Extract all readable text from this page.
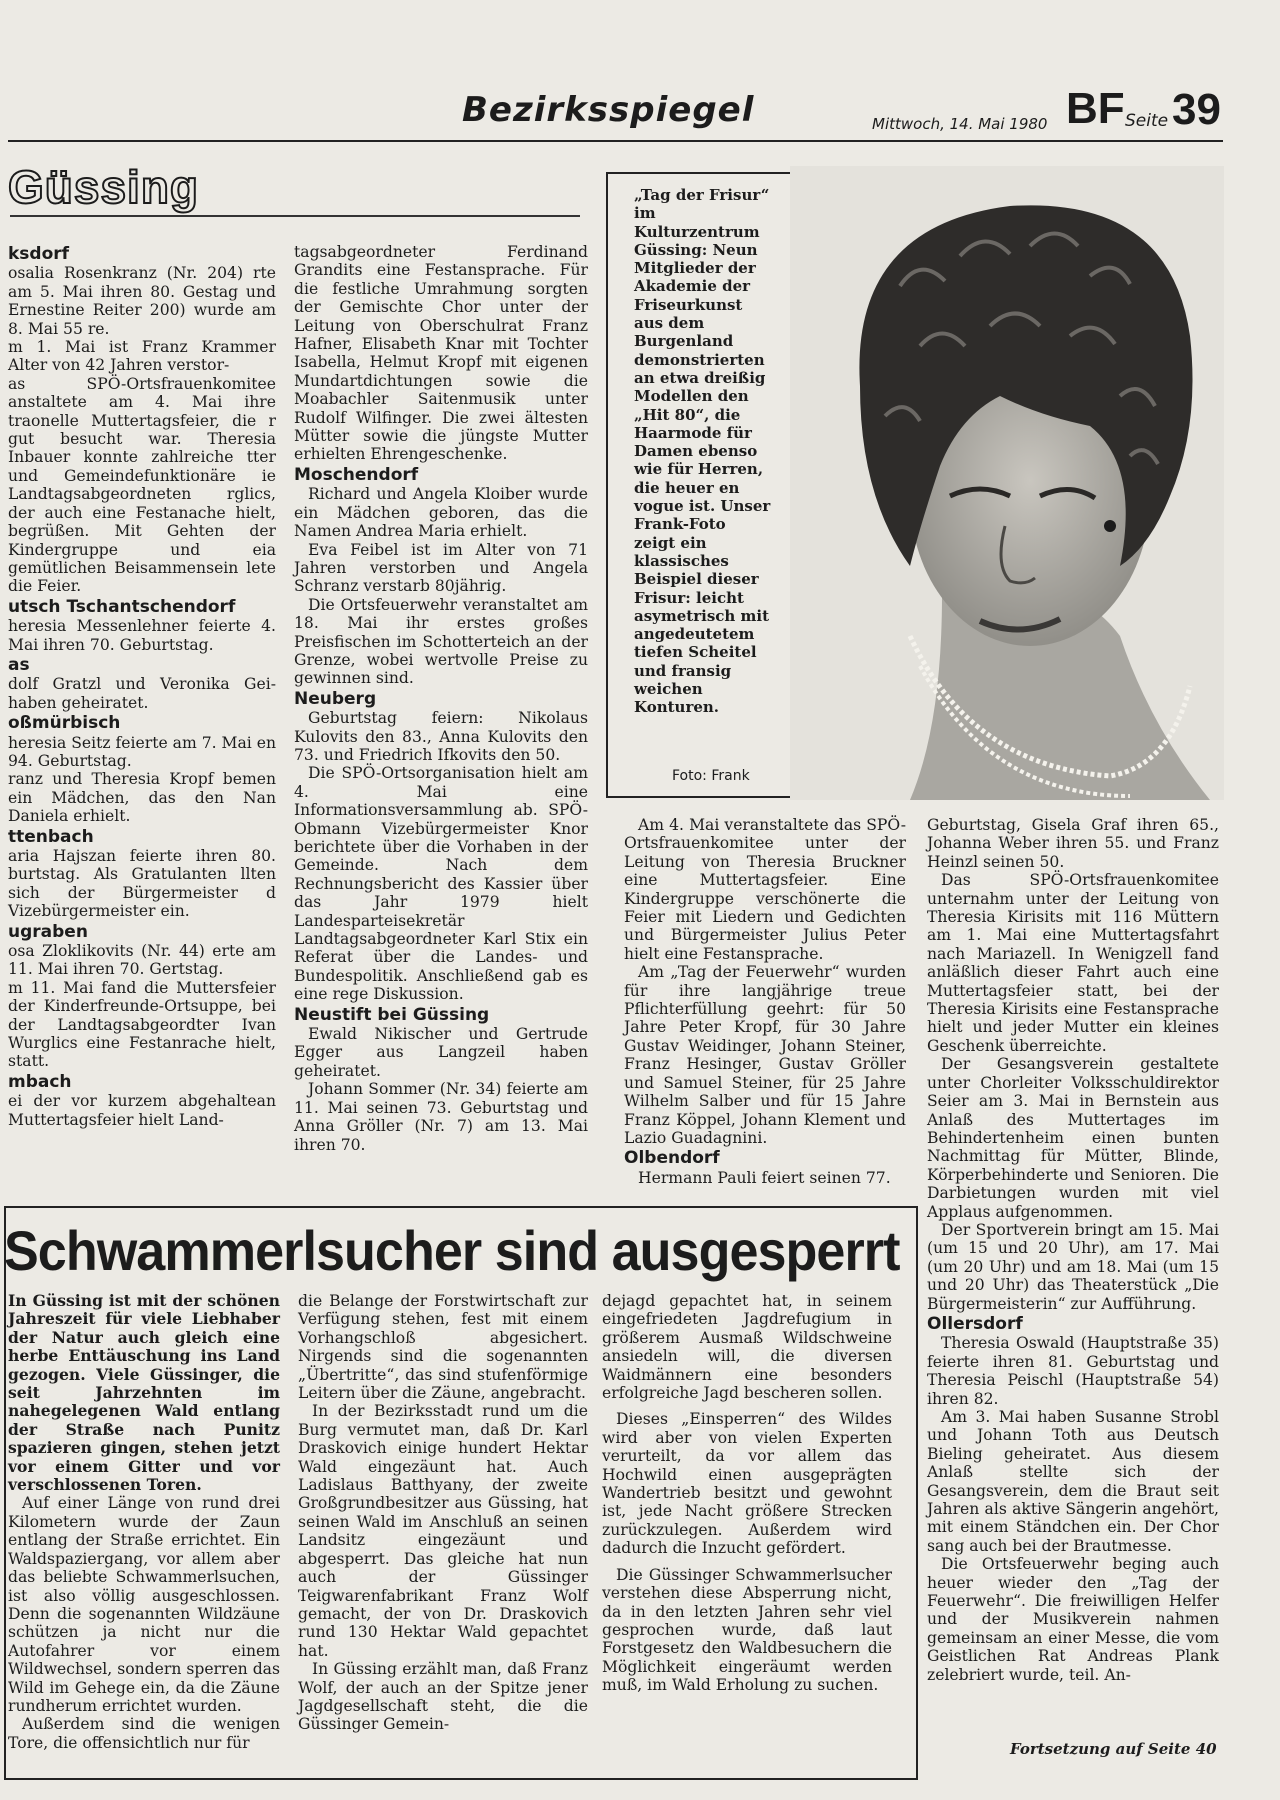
Bezirksspiegel	Mittwoch, 14. Mai 1980 BF Seite 39
Güssing
ksdorf

osalia Rosenkranz (Nr. 204) rte am 5. Mai ihren 80. Gestag und Ernestine Reiter 200) wurde am 8. Mai 55 re.

m 1. Mai ist Franz Krammer Alter von 42 Jahren verstor-

as SPÖ-Ortsfrauenkomitee anstaltete am 4. Mai ihre traonelle Muttertagsfeier, die r gut besucht war. Theresia Inbauer konnte zahlreiche tter und Gemeindefunktionäre ie Landtagsabgeordneten rglics, der auch eine Festanache hielt, begrüßen. Mit Gehten der Kindergruppe und eia gemütlichen Beisammensein lete die Feier.

utsch Tschantschendorf

heresia Messenlehner feierte 4. Mai ihren 70. Geburtstag.

as

dolf Gratzl und Veronika Gei- haben geheiratet.

oßmürbisch

heresia Seitz feierte am 7. Mai en 94. Geburtstag.

ranz und Theresia Kropf bemen ein Mädchen, das den Nan Daniela erhielt.

ttenbach

aria Hajszan feierte ihren 80. burtstag. Als Gratulanten llten sich der Bürgermeister d Vizebürgermeister ein.

ugraben

osa Zloklikovits (Nr. 44) erte am 11. Mai ihren 70. Gertstag.

m 11. Mai fand die Muttersfeier der Kinderfreunde-Ortsuppe, bei der Landtagsabgeordter Ivan Wurglics eine Festanrache hielt, statt.

mbach

ei der vor kurzem abgehaltean Muttertagsfeier hielt Land-

tagsabgeordneter Ferdinand Grandits eine Festansprache. Für die festliche Umrahmung sorgten der Gemischte Chor unter der Leitung von Oberschulrat Franz Hafner, Elisabeth Knar mit Tochter Isabella, Helmut Kropf mit eigenen Mundartdichtungen sowie die Moabachler Saitenmusik unter Rudolf Wilfinger. Die zwei ältesten Mütter sowie die jüngste Mutter erhielten Ehrengeschenke.

Moschendorf

Richard und Angela Kloiber wurde ein Mädchen geboren, das die Namen Andrea Maria erhielt.

Eva Feibel ist im Alter von 71 Jahren verstorben und Angela Schranz verstarb 80jährig.

Die Ortsfeuerwehr veranstaltet am 18. Mai ihr erstes großes Preisfischen im Schotterteich an der Grenze, wobei wertvolle Preise zu gewinnen sind.

Neuberg

Geburtstag feiern: Nikolaus Kulovits den 83., Anna Kulovits den 73. und Friedrich Ifkovits den 50.

Die SPÖ-Ortsorganisation hielt am 4. Mai eine Informationsversammlung ab. SPÖ-Obmann Vizebürgermeister Knor berichtete über die Vorhaben in der Gemeinde. Nach dem Rechnungsbericht des Kassier über das Jahr 1979 hielt Landesparteisekretär Landtagsabgeordneter Karl Stix ein Referat über die Landes- und Bundespolitik. Anschließend gab es eine rege Diskussion.

Neustift bei Güssing

Ewald Nikischer und Gertrude Egger aus Langzeil haben geheiratet.

Johann Sommer (Nr. 34) feierte am 11. Mai seinen 73. Geburtstag und Anna Gröller (Nr. 7) am 13. Mai ihren 70.

„Tag der Frisur“ im Kulturzentrum Güssing: Neun Mitglieder der Akademie der Friseurkunst aus dem Burgenland demonstrierten an etwa dreißig Modellen den „Hit 80“, die Haarmode für Damen ebenso wie für Herren, die heuer en vogue ist. Unser Frank-Foto zeigt ein klassisches Beispiel dieser Frisur: leicht asymetrisch mit angedeutetem tiefen Scheitel und fransig weichen Konturen.
Foto: Frank

Am 4. Mai veranstaltete das SPÖ-Ortsfrauenkomitee unter der Leitung von Theresia Bruckner eine Muttertagsfeier. Eine Kindergruppe verschönerte die Feier mit Liedern und Gedichten und Bürgermeister Julius Peter hielt eine Festansprache.

Am „Tag der Feuerwehr“ wurden für ihre langjährige treue Pflichterfüllung geehrt: für 50 Jahre Peter Kropf, für 30 Jahre Gustav Weidinger, Johann Steiner, Franz Hesinger, Gustav Gröller und Samuel Steiner, für 25 Jahre Wilhelm Salber und für 15 Jahre Franz Köppel, Johann Klement und Lazio Guadagnini.

Olbendorf

Hermann Pauli feiert seinen 77.

Geburtstag, Gisela Graf ihren 65., Johanna Weber ihren 55. und Franz Heinzl seinen 50.

Das SPÖ-Ortsfrauenkomitee unternahm unter der Leitung von Theresia Kirisits mit 116 Müttern am 1. Mai eine Muttertagsfahrt nach Mariazell. In Wenigzell fand anläßlich dieser Fahrt auch eine Muttertagsfeier statt, bei der Theresia Kirisits eine Festansprache hielt und jeder Mutter ein kleines Geschenk überreichte.

Der Gesangsverein gestaltete unter Chorleiter Volksschuldirektor Seier am 3. Mai in Bernstein aus Anlaß des Muttertages im Behindertenheim einen bunten Nachmittag für Mütter, Blinde, Körperbehinderte und Senioren. Die Darbietungen wurden mit viel Applaus aufgenommen.

Der Sportverein bringt am 15. Mai (um 15 und 20 Uhr), am 17. Mai (um 20 Uhr) und am 18. Mai (um 15 und 20 Uhr) das Theaterstück „Die Bürgermeisterin“ zur Aufführung.

Ollersdorf

Theresia Oswald (Hauptstraße 35) feierte ihren 81. Geburtstag und Theresia Peischl (Hauptstraße 54) ihren 82.

Am 3. Mai haben Susanne Strobl und Johann Toth aus Deutsch Bieling geheiratet. Aus diesem Anlaß stellte sich der Gesangsverein, dem die Braut seit Jahren als aktive Sängerin angehört, mit einem Ständchen ein. Der Chor sang auch bei der Brautmesse.

Die Ortsfeuerwehr beging auch heuer wieder den „Tag der Feuerwehr“. Die freiwilligen Helfer und der Musikverein nahmen gemeinsam an einer Messe, die vom Geistlichen Rat Andreas Plank zelebriert wurde, teil. An-

Fortsetzung auf Seite 40
Schwammerlsucher sind ausgesperrt

In Güssing ist mit der schönen Jahreszeit für viele Liebhaber der Natur auch gleich eine herbe Enttäuschung ins Land gezogen. Viele Güssinger, die seit Jahrzehnten im nahegelegenen Wald entlang der Straße nach Punitz spazieren gingen, stehen jetzt vor einem Gitter und vor verschlossenen Toren.

Auf einer Länge von rund drei Kilometern wurde der Zaun entlang der Straße errichtet. Ein Waldspaziergang, vor allem aber das beliebte Schwammerlsuchen, ist also völlig ausgeschlossen. Denn die sogenannten Wildzäune schützen ja nicht nur die Autofahrer vor einem Wildwechsel, sondern sperren das Wild im Gehege ein, da die Zäune rundherum errichtet wurden.

Außerdem sind die wenigen Tore, die offensichtlich nur für

die Belange der Forstwirtschaft zur Verfügung stehen, fest mit einem Vorhangschloß abgesichert. Nirgends sind die sogenannten „Übertritte“, das sind stufenförmige Leitern über die Zäune, angebracht.

In der Bezirksstadt rund um die Burg vermutet man, daß Dr. Karl Draskovich einige hundert Hektar Wald eingezäunt hat. Auch Ladislaus Batthyany, der zweite Großgrundbesitzer aus Güssing, hat seinen Wald im Anschluß an seinen Landsitz eingezäunt und abgesperrt. Das gleiche hat nun auch der Güssinger Teigwarenfabrikant Franz Wolf gemacht, der von Dr. Draskovich rund 130 Hektar Wald gepachtet hat.

In Güssing erzählt man, daß Franz Wolf, der auch an der Spitze jener Jagdgesellschaft steht, die die Güssinger Gemein-

dejagd gepachtet hat, in seinem eingefriedeten Jagdrefugium in größerem Ausmaß Wildschweine ansiedeln will, die diversen Waidmännern eine besonders erfolgreiche Jagd bescheren sollen.

Dieses „Einsperren“ des Wildes wird aber von vielen Experten verurteilt, da vor allem das Hochwild einen ausgeprägten Wandertrieb besitzt und gewohnt ist, jede Nacht größere Strecken zurückzulegen. Außerdem wird dadurch die Inzucht gefördert.

Die Güssinger Schwammerlsucher verstehen diese Absperrung nicht, da in den letzten Jahren sehr viel gesprochen wurde, daß laut Forstgesetz den Waldbesuchern die Möglichkeit eingeräumt werden muß, im Wald Erholung zu suchen.
